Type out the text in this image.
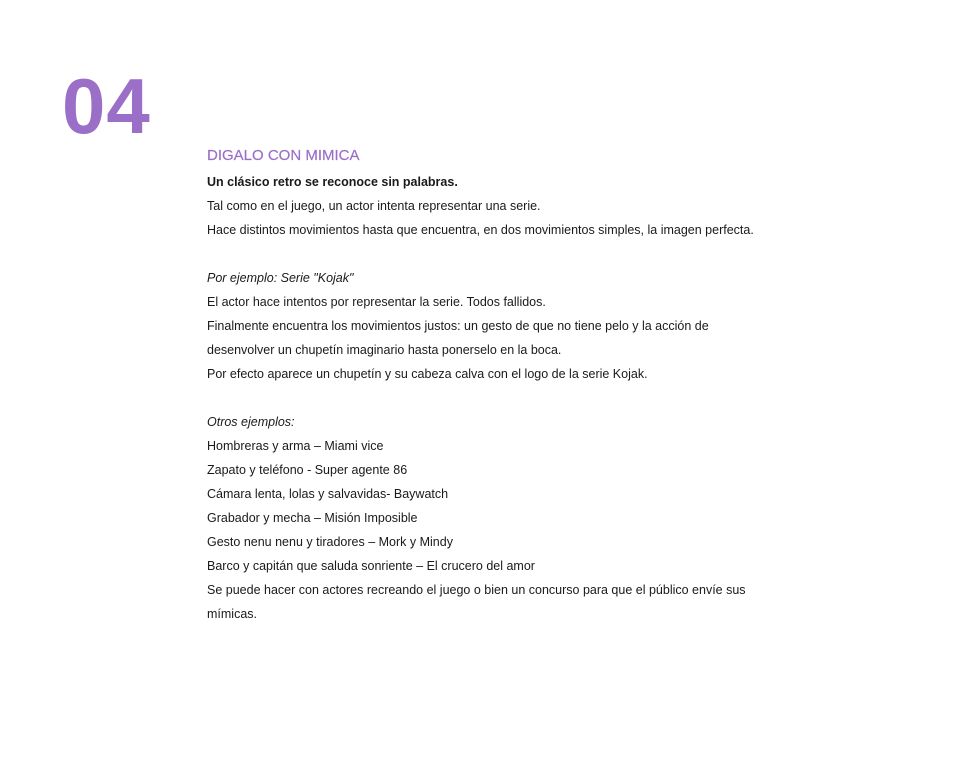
04
DIGALO CON MIMICA

Un clásico retro se reconoce sin palabras.

Tal como en el juego, un actor intenta representar una serie.

Hace distintos movimientos hasta que encuentra, en dos movimientos simples, la imagen perfecta.

Por ejemplo: Serie "Kojak"

El actor hace intentos por representar la serie. Todos fallidos.

Finalmente encuentra los movimientos justos: un gesto de que no tiene pelo y la acción de

desenvolver un chupetín imaginario hasta ponerselo en la boca.

Por efecto aparece un chupetín y su cabeza calva con el logo de la serie Kojak.

Otros ejemplos:

Hombreras y arma – Miami vice

Zapato y teléfono - Super agente 86

Cámara lenta, lolas y salvavidas- Baywatch

Grabador y mecha – Misión Imposible

Gesto nenu nenu y tiradores – Mork y Mindy

Barco y capitán que saluda sonriente – El crucero del amor

Se puede hacer con actores recreando el juego o bien un concurso para que el público envíe sus

mímicas.
